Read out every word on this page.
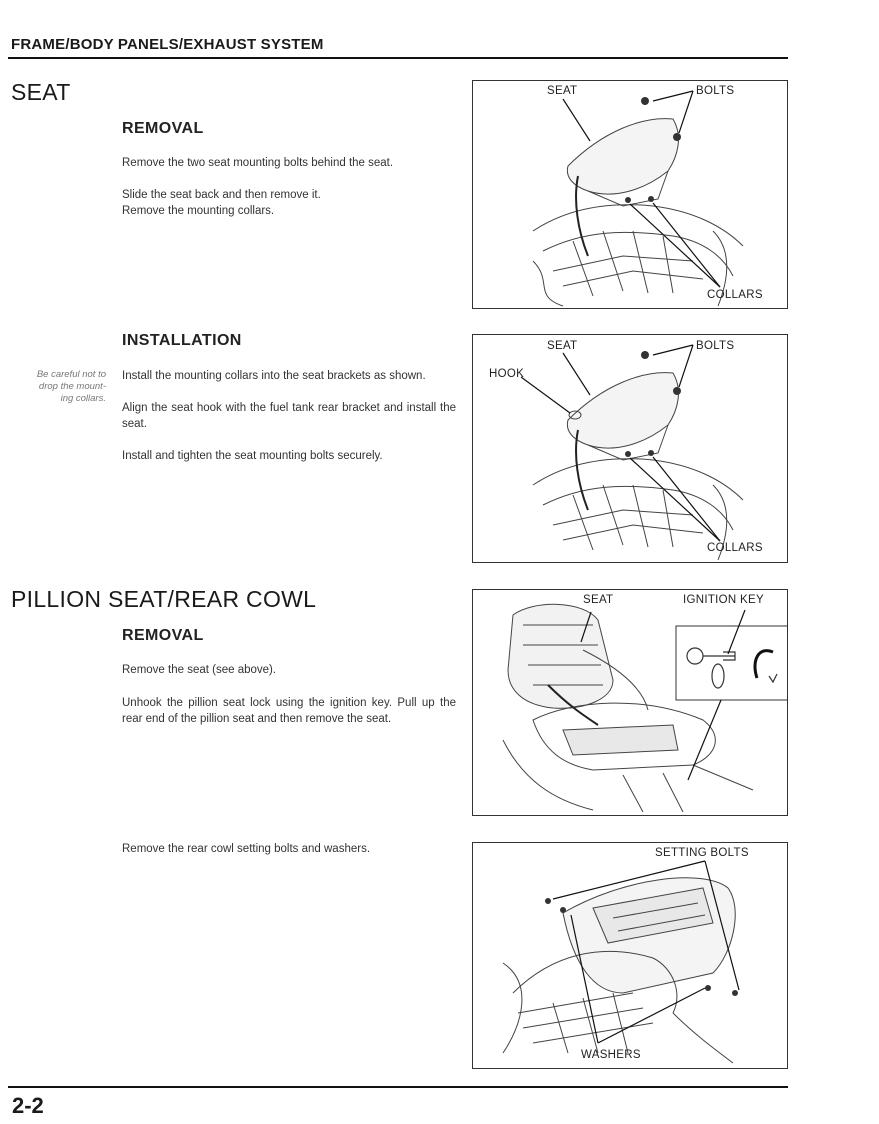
FRAME/BODY PANELS/EXHAUST SYSTEM
SEAT
REMOVAL

Remove the two seat mounting bolts behind the seat.

Slide the seat back and then remove it.

Remove the mounting collars.

SEAT	BOLTS
COLLARS
INSTALLATION
Be careful not to
drop the mount-
ing collars.

Install the mounting collars into the seat brackets as shown.

Align the seat hook with the fuel tank rear bracket and install the seat.

Install and tighten the seat mounting bolts securely.

SEAT	BOLTS
HOOK
COLLARS
PILLION SEAT/REAR COWL
REMOVAL

Remove the seat (see above).

Unhook the pillion seat lock using the ignition key. Pull up the rear end of the pillion seat and then remove the seat.

Remove the rear cowl setting bolts and washers.

SEAT	IGNITION KEY
SETTING BOLTS
WASHERS
2-2
